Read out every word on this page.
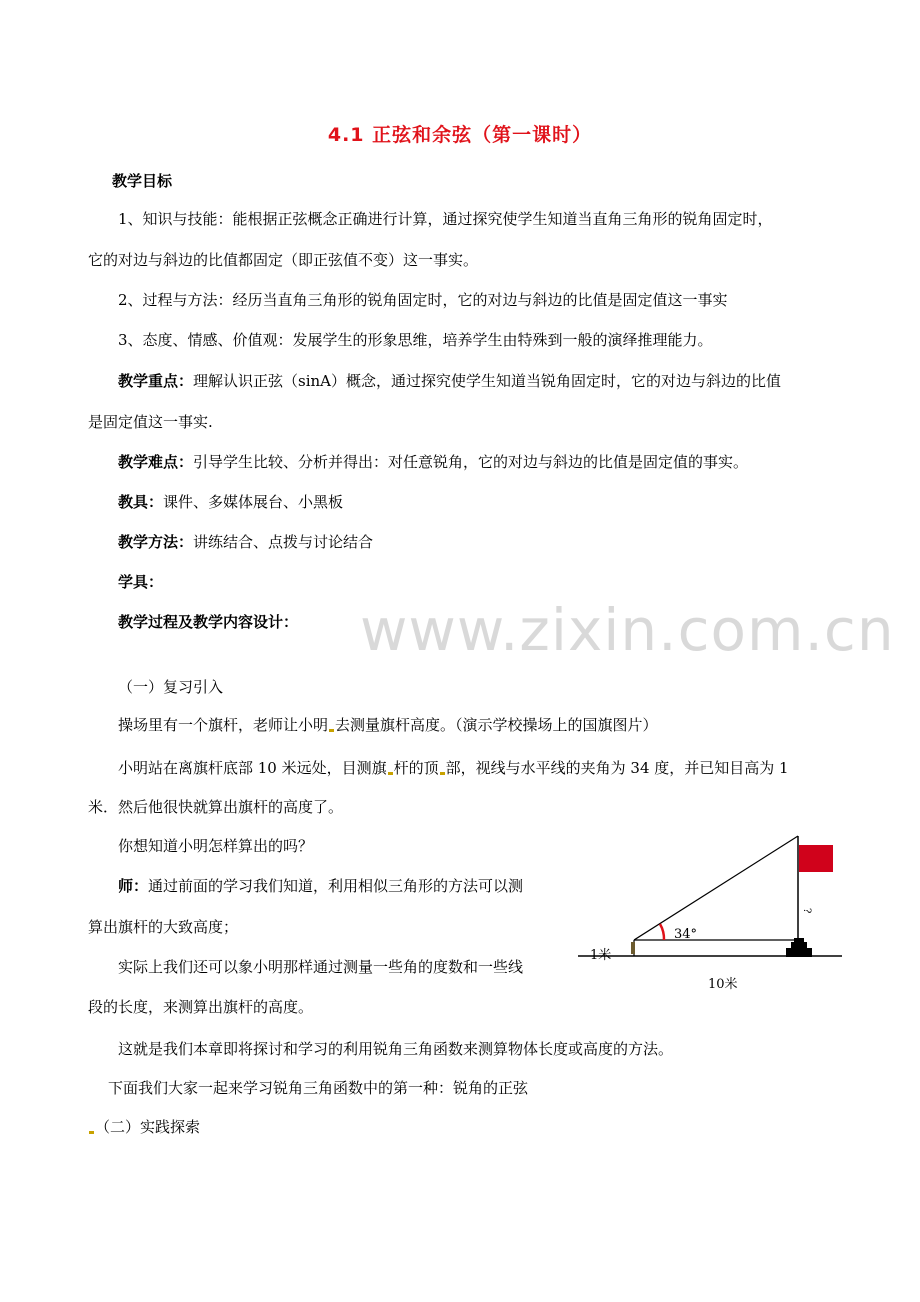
4.1 正弦和余弦（第一课时）
教学目标
1、知识与技能：能根据正弦概念正确进行计算，通过探究使学生知道当直角三角形的锐角固定时，
它的对边与斜边的比值都固定（即正弦值不变）这一事实。
2、过程与方法：经历当直角三角形的锐角固定时，它的对边与斜边的比值是固定值这一事实
3、态度、情感、价值观：发展学生的形象思维，培养学生由特殊到一般的演绎推理能力。
教学重点：理解认识正弦（sinA）概念，通过探究使学生知道当锐角固定时，它的对边与斜边的比值
是固定值这一事实.
教学难点：引导学生比较、分析并得出：对任意锐角，它的对边与斜边的比值是固定值的事实。
教具：课件、多媒体展台、小黑板
教学方法：讲练结合、点拨与讨论结合
学具：
教学过程及教学内容设计： www.zixin.com.cn
（一）复习引入
操场里有一个旗杆，老师让小明 去测量旗杆高度。（演示学校操场上的国旗图片）
小明站在离旗杆底部 10 米远处，目测旗 杆的顶 部，视线与水平线的夹角为 34 度，并已知目高为 1
米．然后他很快就算出旗杆的高度了。
你想知道小明怎样算出的吗？
师：通过前面的学习我们知道，利用相似三角形的方法可以测
算出旗杆的大致高度；
实际上我们还可以象小明那样通过测量一些角的度数和一些线
段的长度，来测算出旗杆的高度。
这就是我们本章即将探讨和学习的利用锐角三角函数来测算物体长度或高度的方法。
下面我们大家一起来学习锐角三角函数中的第一种：锐角的正弦
（二）实践探索
34°
1米
10米
?
